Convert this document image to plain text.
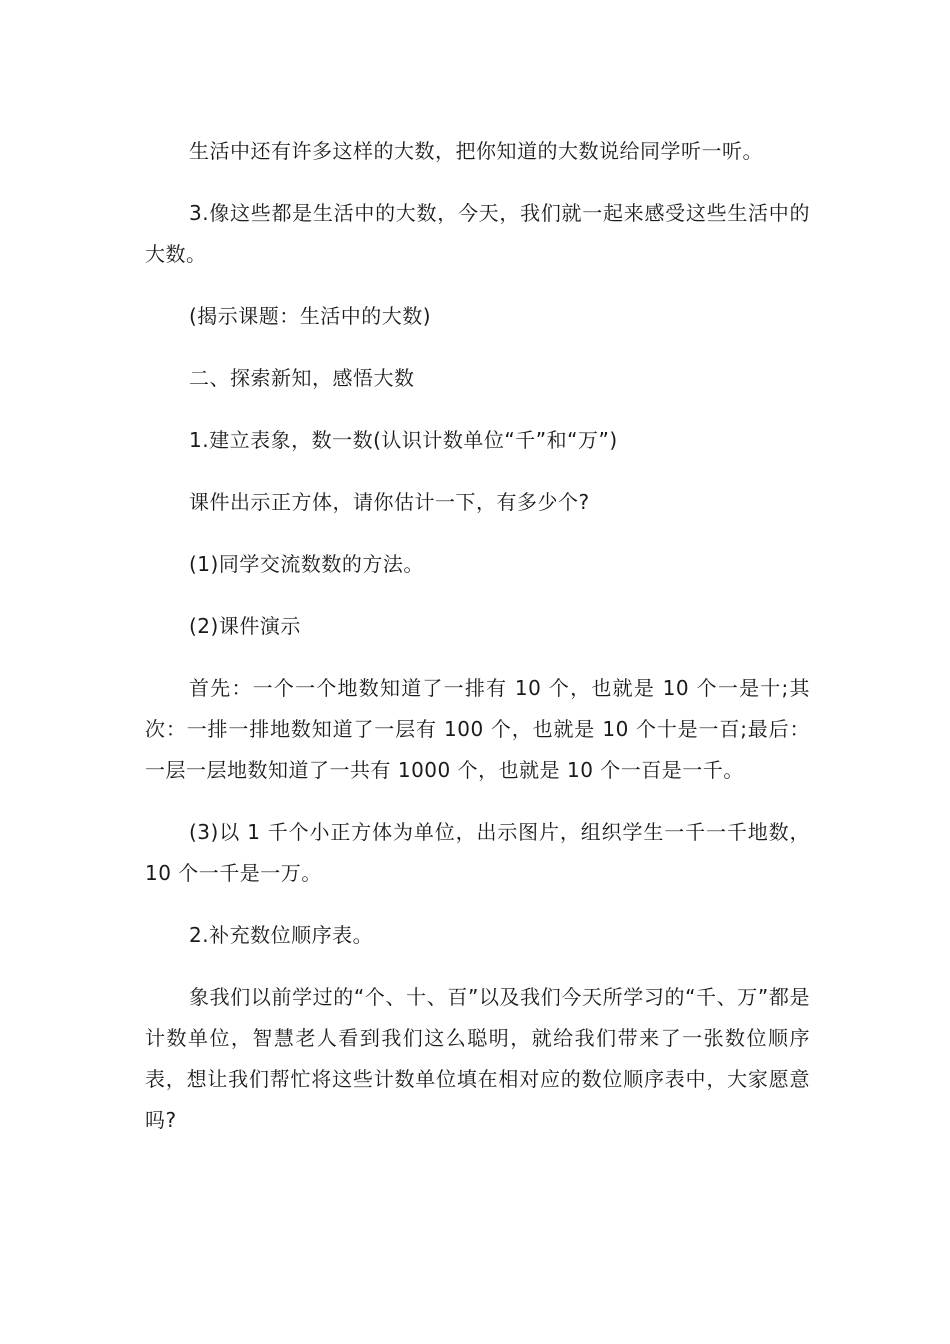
生活中还有许多这样的大数，把你知道的大数说给同学听一听。

3.像这些都是生活中的大数，今天，我们就一起来感受这些生活中的大数。

(揭示课题：生活中的大数)

二、探索新知，感悟大数

1.建立表象，数一数(认识计数单位“千”和“万”)

课件出示正方体，请你估计一下，有多少个?

(1)同学交流数数的方法。

(2)课件演示

首先：一个一个地数知道了一排有 10 个，也就是 10 个一是十;其次：一排一排地数知道了一层有 100 个，也就是 10 个十是一百;最后：一层一层地数知道了一共有 1000 个，也就是 10 个一百是一千。

(3)以 1 千个小正方体为单位，出示图片，组织学生一千一千地数，10 个一千是一万。

2.补充数位顺序表。

象我们以前学过的“个、十、百”以及我们今天所学习的“千、万”都是计数单位，智慧老人看到我们这么聪明，就给我们带来了一张数位顺序表，想让我们帮忙将这些计数单位填在相对应的数位顺序表中，大家愿意吗?
